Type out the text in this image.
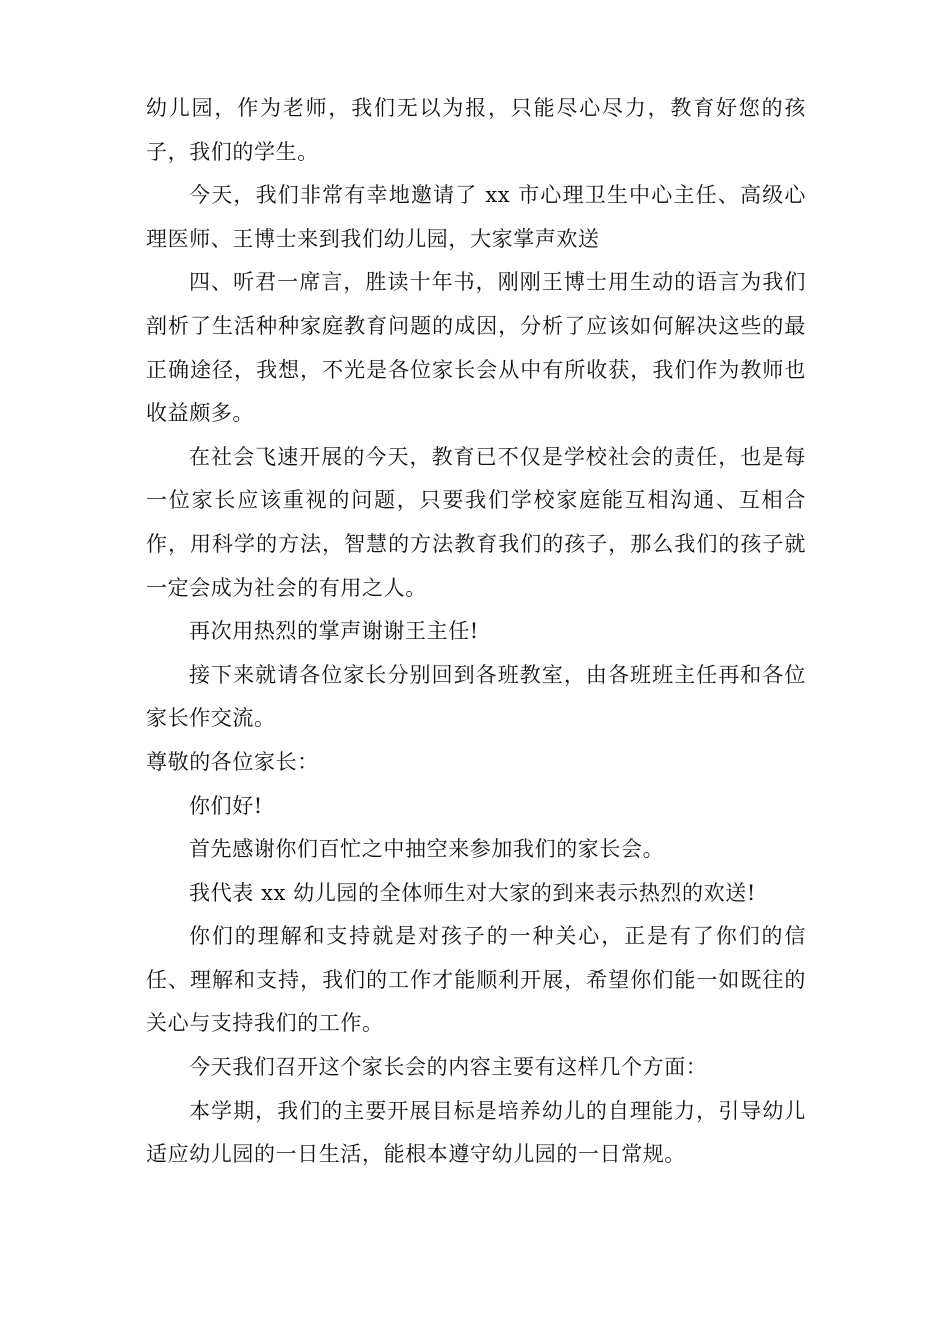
幼儿园，作为老师，我们无以为报，只能尽心尽力，教育好您的孩子，我们的学生。

今天，我们非常有幸地邀请了 xx 市心理卫生中心主任、高级心理医师、王博士来到我们幼儿园，大家掌声欢送

四、听君一席言，胜读十年书，刚刚王博士用生动的语言为我们剖析了生活种种家庭教育问题的成因，分析了应该如何解决这些的最正确途径，我想，不光是各位家长会从中有所收获，我们作为教师也收益颇多。

在社会飞速开展的今天，教育已不仅是学校社会的责任，也是每一位家长应该重视的问题，只要我们学校家庭能互相沟通、互相合作，用科学的方法，智慧的方法教育我们的孩子，那么我们的孩子就一定会成为社会的有用之人。

再次用热烈的掌声谢谢王主任!

接下来就请各位家长分别回到各班教室，由各班班主任再和各位家长作交流。

尊敬的各位家长：

你们好!

首先感谢你们百忙之中抽空来参加我们的家长会。

我代表 xx 幼儿园的全体师生对大家的到来表示热烈的欢送!

你们的理解和支持就是对孩子的一种关心，正是有了你们的信任、理解和支持，我们的工作才能顺利开展，希望你们能一如既往的关心与支持我们的工作。

今天我们召开这个家长会的内容主要有这样几个方面：

本学期，我们的主要开展目标是培养幼儿的自理能力，引导幼儿适应幼儿园的一日生活，能根本遵守幼儿园的一日常规。
